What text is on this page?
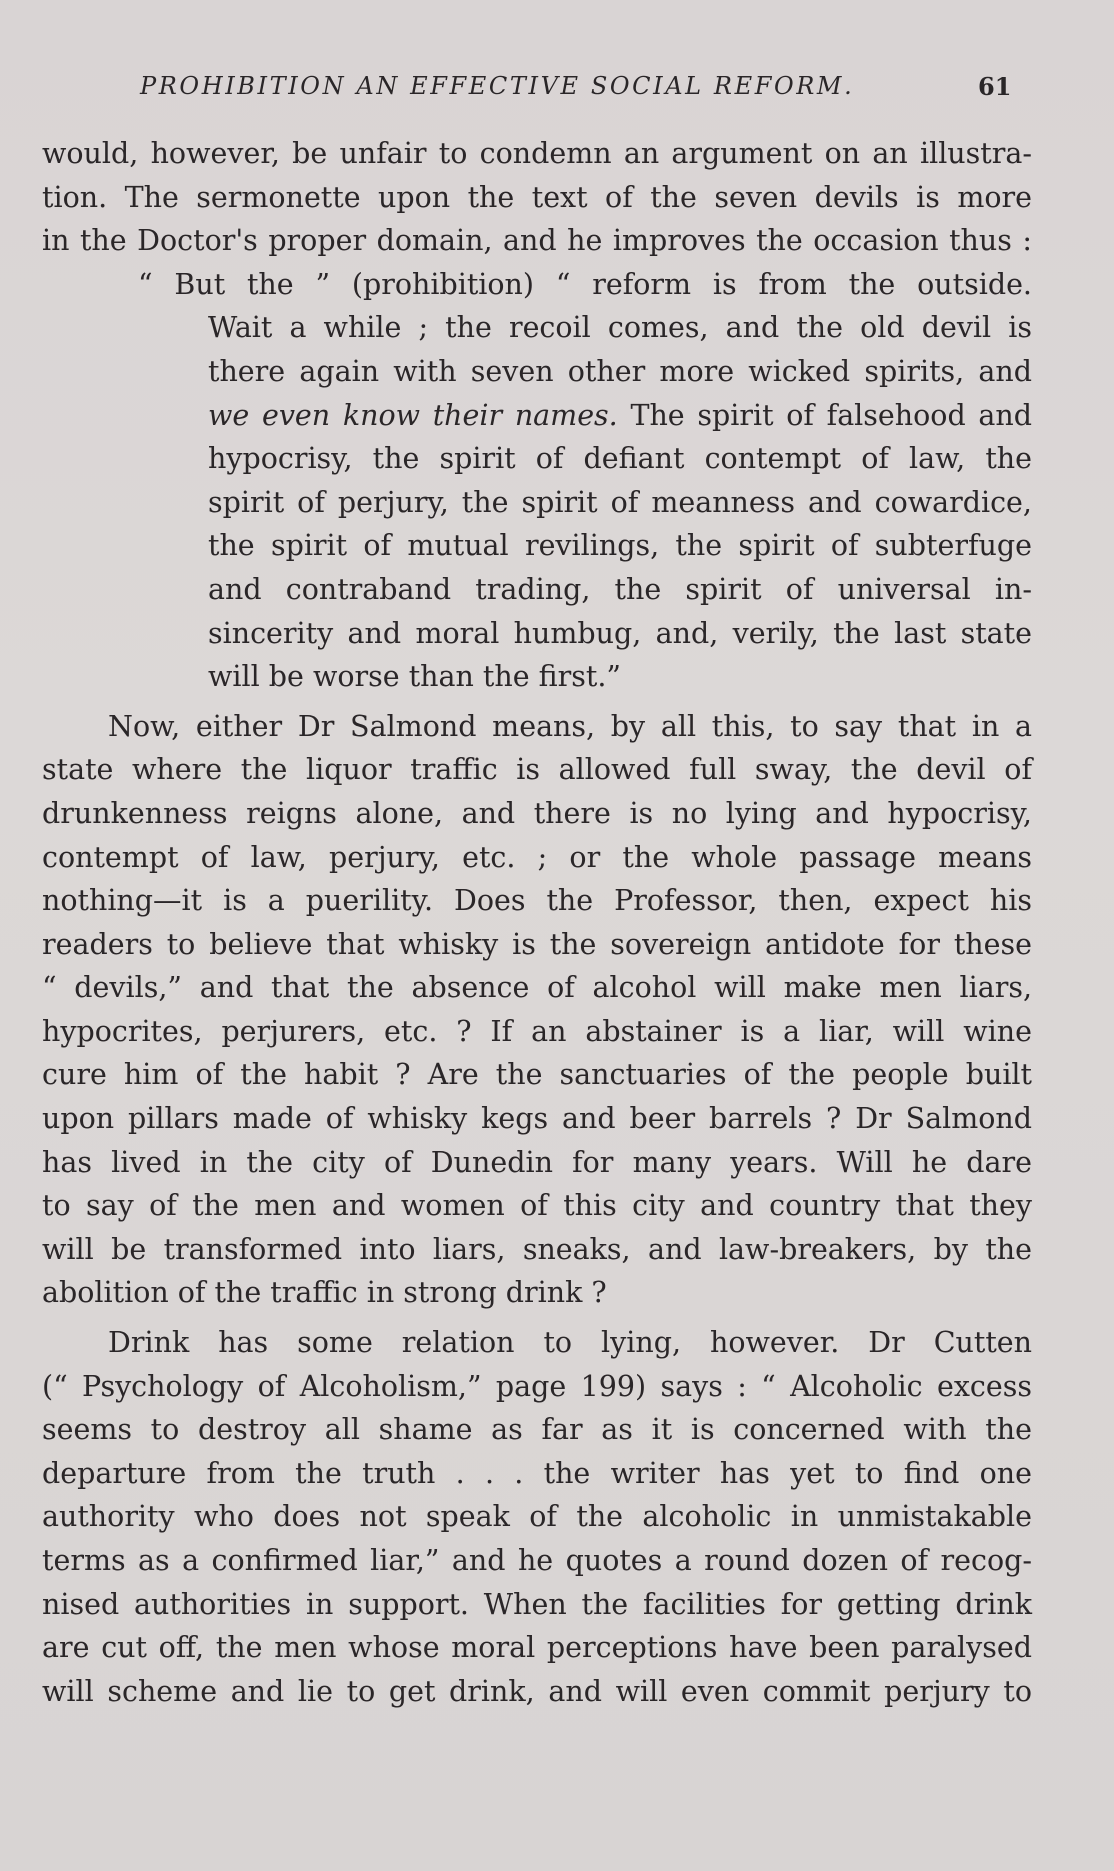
PROHIBITION AN EFFECTIVE SOCIAL REFORM.	61
would, however, be unfair to condemn an argument on an illustra-
tion. The sermonette upon the text of the seven devils is more
in the Doctor's proper domain, and he improves the occasion thus :
“ But the ” (prohibition) “ reform is from the outside.
Wait a while ; the recoil comes, and the old devil is
there again with seven other more wicked spirits, and
we even know their names. The spirit of falsehood and
hypocrisy, the spirit of defiant contempt of law, the
spirit of perjury, the spirit of meanness and cowardice,
the spirit of mutual revilings, the spirit of subterfuge
and contraband trading, the spirit of universal in-
sincerity and moral humbug, and, verily, the last state
will be worse than the first.”
Now, either Dr Salmond means, by all this, to say that in a
state where the liquor traffic is allowed full sway, the devil of
drunkenness reigns alone, and there is no lying and hypocrisy,
contempt of law, perjury, etc. ; or the whole passage means
nothing—it is a puerility. Does the Professor, then, expect his
readers to believe that whisky is the sovereign antidote for these
“ devils,” and that the absence of alcohol will make men liars,
hypocrites, perjurers, etc. ? If an abstainer is a liar, will wine
cure him of the habit ? Are the sanctuaries of the people built
upon pillars made of whisky kegs and beer barrels ? Dr Salmond
has lived in the city of Dunedin for many years. Will he dare
to say of the men and women of this city and country that they
will be transformed into liars, sneaks, and law-breakers, by the
abolition of the traffic in strong drink ?
Drink has some relation to lying, however. Dr Cutten
(“ Psychology of Alcoholism,” page 199) says : “ Alcoholic excess
seems to destroy all shame as far as it is concerned with the
departure from the truth . . . the writer has yet to find one
authority who does not speak of the alcoholic in unmistakable
terms as a confirmed liar,” and he quotes a round dozen of recog-
nised authorities in support. When the facilities for getting drink
are cut off, the men whose moral perceptions have been paralysed
will scheme and lie to get drink, and will even commit perjury to
